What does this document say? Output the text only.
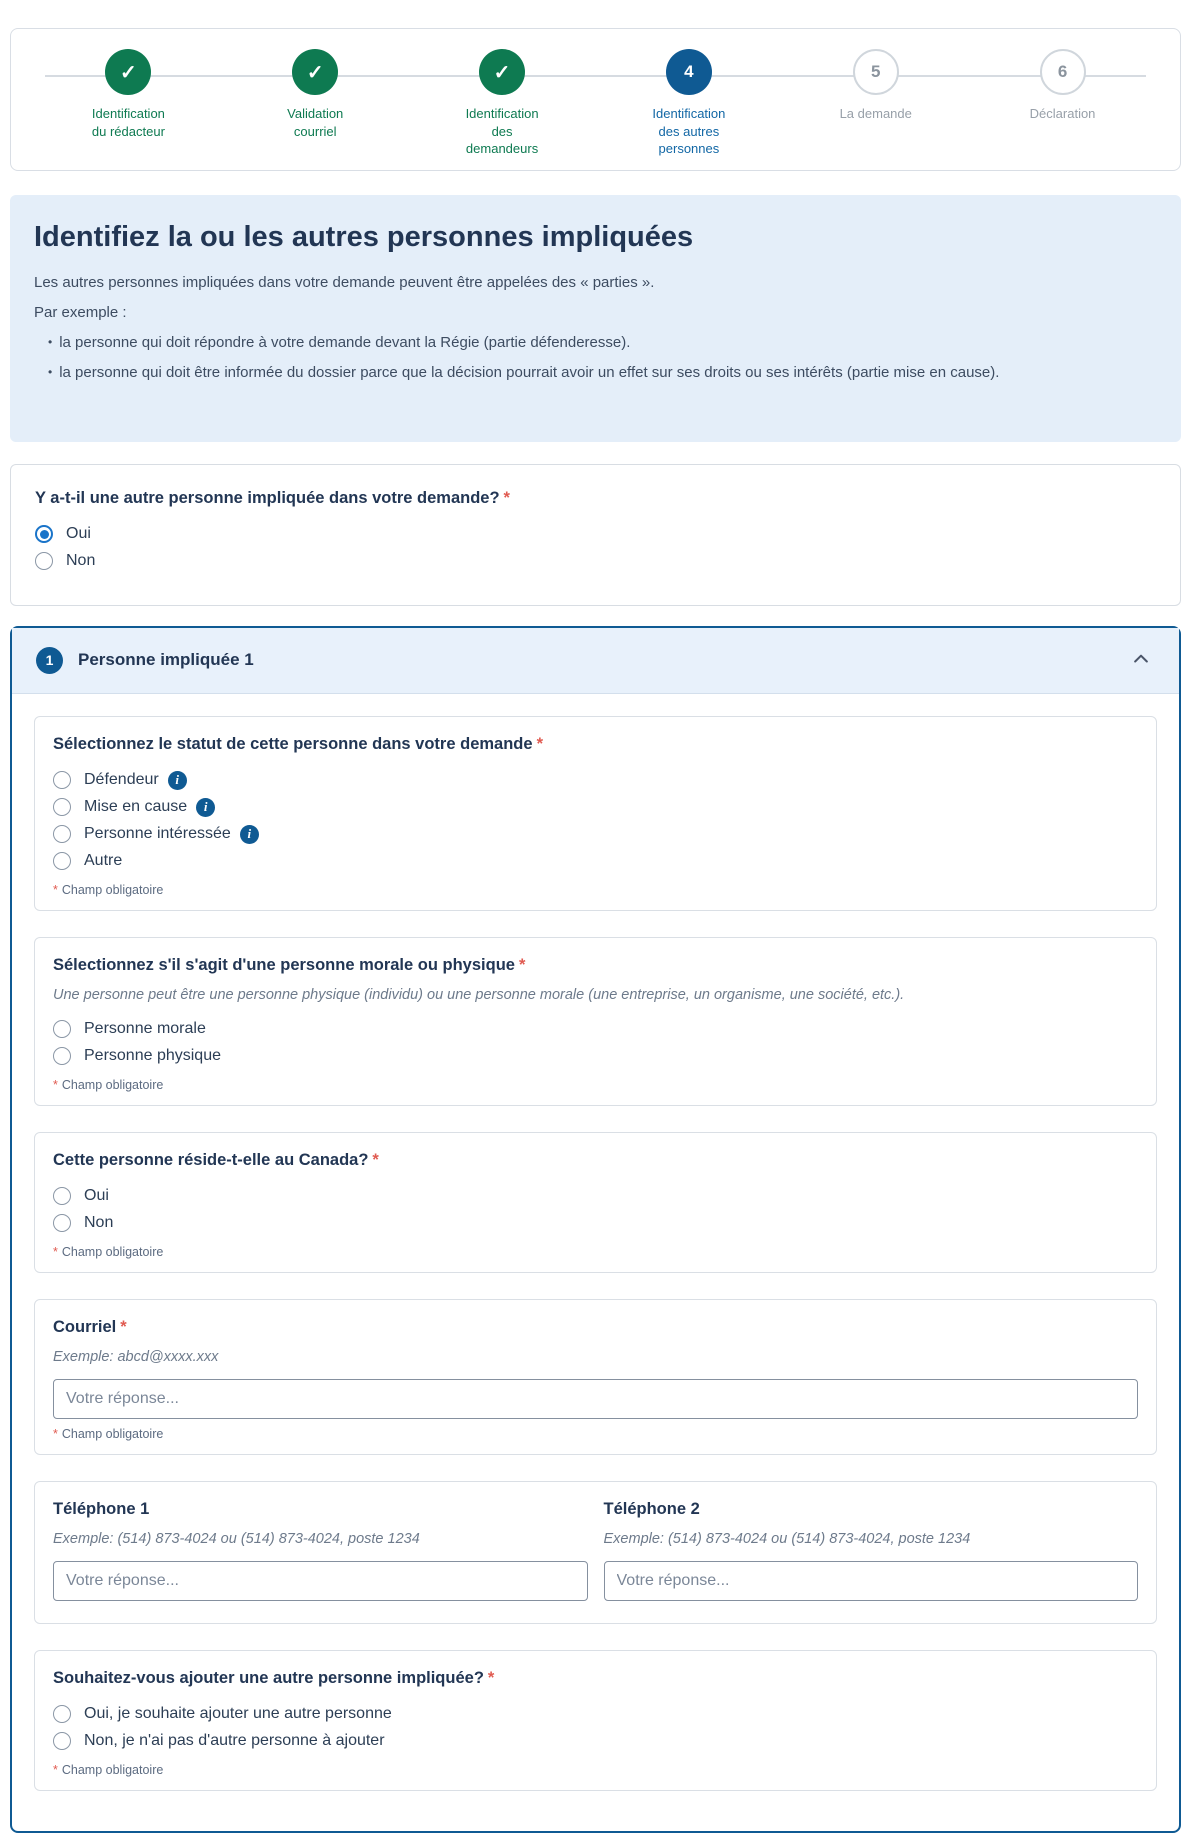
✓
Identification du rédacteur
✓
Validation courriel
✓
Identification des demandeurs
4
Identification des autres personnes
5
La demande
6
Déclaration
Identifiez la ou les autres personnes impliquées

Les autres personnes impliquées dans votre demande peuvent être appelées des « parties ».

Par exemple :

• la personne qui doit répondre à votre demande devant la Régie (partie défenderesse).
• la personne qui doit être informée du dossier parce que la décision pourrait avoir un effet sur ses droits ou ses intérêts (partie mise en cause).
Y a-t-il une autre personne impliquée dans votre demande? *
Oui
Non
1	Personne impliquée 1
Sélectionnez le statut de cette personne dans votre demande *
Défendeur	i
Mise en cause	i
Personne intéressée	i
Autre
* Champ obligatoire
Sélectionnez s'il s'agit d'une personne morale ou physique *
Une personne peut être une personne physique (individu) ou une personne morale (une entreprise, un organisme, une société, etc.).
Personne morale
Personne physique
* Champ obligatoire
Cette personne réside-t-elle au Canada? *
Oui
Non
* Champ obligatoire
Courriel *
Exemple: abcd@xxxx.xxx
Votre réponse...
* Champ obligatoire
Téléphone 1
Exemple: (514) 873-4024 ou (514) 873-4024, poste 1234
Votre réponse...
Téléphone 2
Exemple: (514) 873-4024 ou (514) 873-4024, poste 1234
Votre réponse...
Souhaitez-vous ajouter une autre personne impliquée? *
Oui, je souhaite ajouter une autre personne
Non, je n'ai pas d'autre personne à ajouter
* Champ obligatoire
